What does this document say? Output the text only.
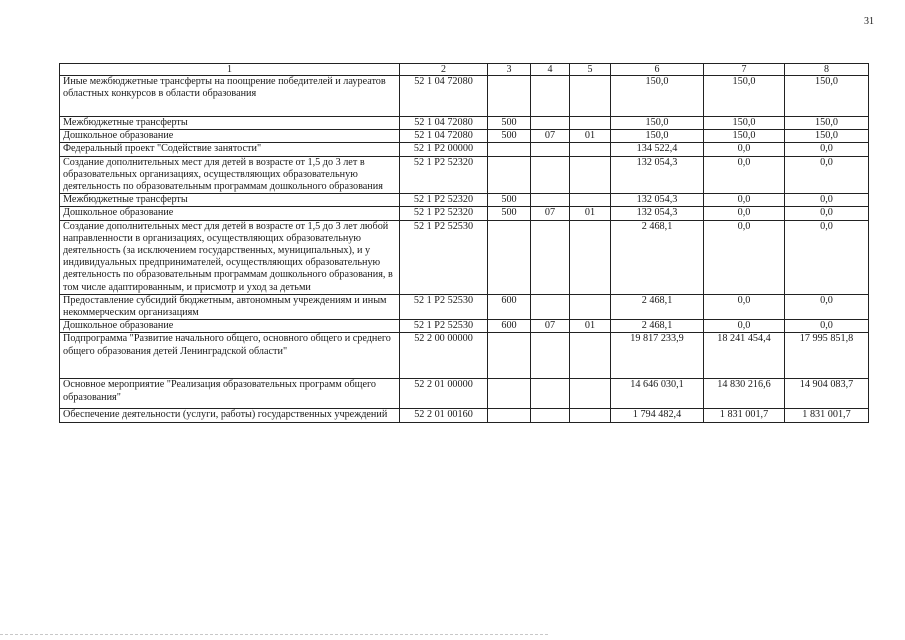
31
1	2	3	4	5	6	7	8
Иные межбюджетные трансферты на поощрение победителей и лауреатов областных конкурсов в области образования	52 1 04 72080				150,0	150,0	150,0
Межбюджетные трансферты	52 1 04 72080	500			150,0	150,0	150,0
Дошкольное образование	52 1 04 72080	500	07	01	150,0	150,0	150,0
Федеральный проект "Содействие занятости"	52 1 P2 00000				134 522,4	0,0	0,0
Создание дополнительных мест для детей в возрасте от 1,5 до 3 лет в образовательных организациях, осуществляющих образовательную деятельность по образовательным программам дошкольного образования	52 1 P2 52320				132 054,3	0,0	0,0
Межбюджетные трансферты	52 1 P2 52320	500			132 054,3	0,0	0,0
Дошкольное образование	52 1 P2 52320	500	07	01	132 054,3	0,0	0,0
Создание дополнительных мест для детей в возрасте от 1,5 до 3 лет любой направленности в организациях, осуществляющих образовательную деятельность (за исключением государственных, муниципальных), и у индивидуальных предпринимателей, осуществляющих образовательную деятельность по образовательным программам дошкольного образования, в том числе адаптированным, и присмотр и уход за детьми	52 1 P2 52530				2 468,1	0,0	0,0
Предоставление субсидий бюджетным, автономным учреждениям и иным некоммерческим организациям	52 1 P2 52530	600			2 468,1	0,0	0,0
Дошкольное образование	52 1 P2 52530	600	07	01	2 468,1	0,0	0,0
Подпрограмма "Развитие начального общего, основного общего и среднего общего образования детей Ленинградской области"	52 2 00 00000				19 817 233,9	18 241 454,4	17 995 851,8
Основное мероприятие "Реализация образовательных программ общего образования"	52 2 01 00000				14 646 030,1	14 830 216,6	14 904 083,7
Обеспечение деятельности (услуги, работы) государственных учреждений	52 2 01 00160				1 794 482,4	1 831 001,7	1 831 001,7
